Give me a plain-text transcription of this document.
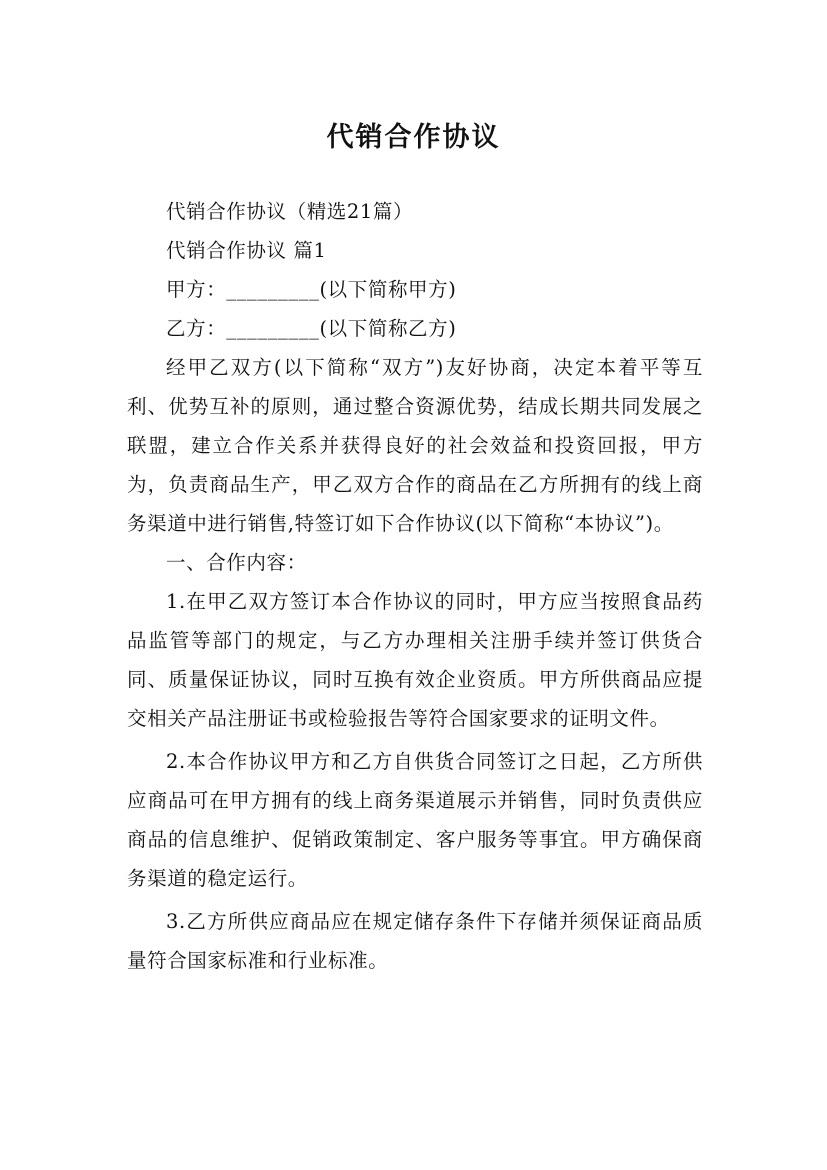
代销合作协议

代销合作协议（精选21篇）

代销合作协议 篇1

甲方：_________(以下简称甲方)

乙方：_________(以下简称乙方)

经甲乙双方(以下简称“双方”)友好协商，决定本着平等互利、优势互补的原则，通过整合资源优势，结成长期共同发展之联盟，建立合作关系并获得良好的社会效益和投资回报，甲方为，负责商品生产，甲乙双方合作的商品在乙方所拥有的线上商务渠道中进行销售,特签订如下合作协议(以下简称“本协议”)。

一、合作内容：

1.在甲乙双方签订本合作协议的同时，甲方应当按照食品药品监管等部门的规定，与乙方办理相关注册手续并签订供货合同、质量保证协议，同时互换有效企业资质。甲方所供商品应提交相关产品注册证书或检验报告等符合国家要求的证明文件。

2.本合作协议甲方和乙方自供货合同签订之日起，乙方所供应商品可在甲方拥有的线上商务渠道展示并销售，同时负责供应商品的信息维护、促销政策制定、客户服务等事宜。甲方确保商务渠道的稳定运行。

3.乙方所供应商品应在规定储存条件下存储并须保证商品质量符合国家标准和行业标准。
